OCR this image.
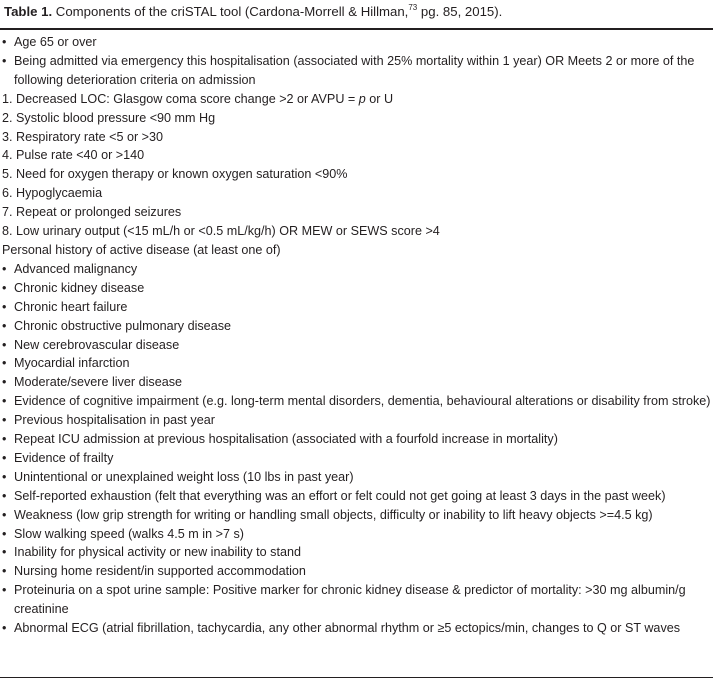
Table 1. Components of the criSTAL tool (Cardona-Morrell & Hillman,$^{73}$ pg. 85, 2015).
• Age 65 or over
• Being admitted via emergency this hospitalisation (associated with 25% mortality within 1 year) OR Meets 2 or more of the following deterioration criteria on admission
1. Decreased LOC: Glasgow coma score change >2 or AVPU = p or U
2. Systolic blood pressure <90 mm Hg
3. Respiratory rate <5 or >30
4. Pulse rate <40 or >140
5. Need for oxygen therapy or known oxygen saturation <90%
6. Hypoglycaemia
7. Repeat or prolonged seizures
8. Low urinary output (<15 mL/h or <0.5 mL/kg/h) OR MEW or SEWS score >4
Personal history of active disease (at least one of)
• Advanced malignancy
• Chronic kidney disease
• Chronic heart failure
• Chronic obstructive pulmonary disease
• New cerebrovascular disease
• Myocardial infarction
• Moderate/severe liver disease
• Evidence of cognitive impairment (e.g. long-term mental disorders, dementia, behavioural alterations or disability from stroke)
• Previous hospitalisation in past year
• Repeat ICU admission at previous hospitalisation (associated with a fourfold increase in mortality)
• Evidence of frailty
• Unintentional or unexplained weight loss (10 lbs in past year)
• Self-reported exhaustion (felt that everything was an effort or felt could not get going at least 3 days in the past week)
• Weakness (low grip strength for writing or handling small objects, difficulty or inability to lift heavy objects >=4.5 kg)
• Slow walking speed (walks 4.5 m in >7 s)
• Inability for physical activity or new inability to stand
• Nursing home resident/in supported accommodation
• Proteinuria on a spot urine sample: Positive marker for chronic kidney disease & predictor of mortality: >30 mg albumin/g creatinine
• Abnormal ECG (atrial fibrillation, tachycardia, any other abnormal rhythm or ≥5 ectopics/min, changes to Q or ST waves
